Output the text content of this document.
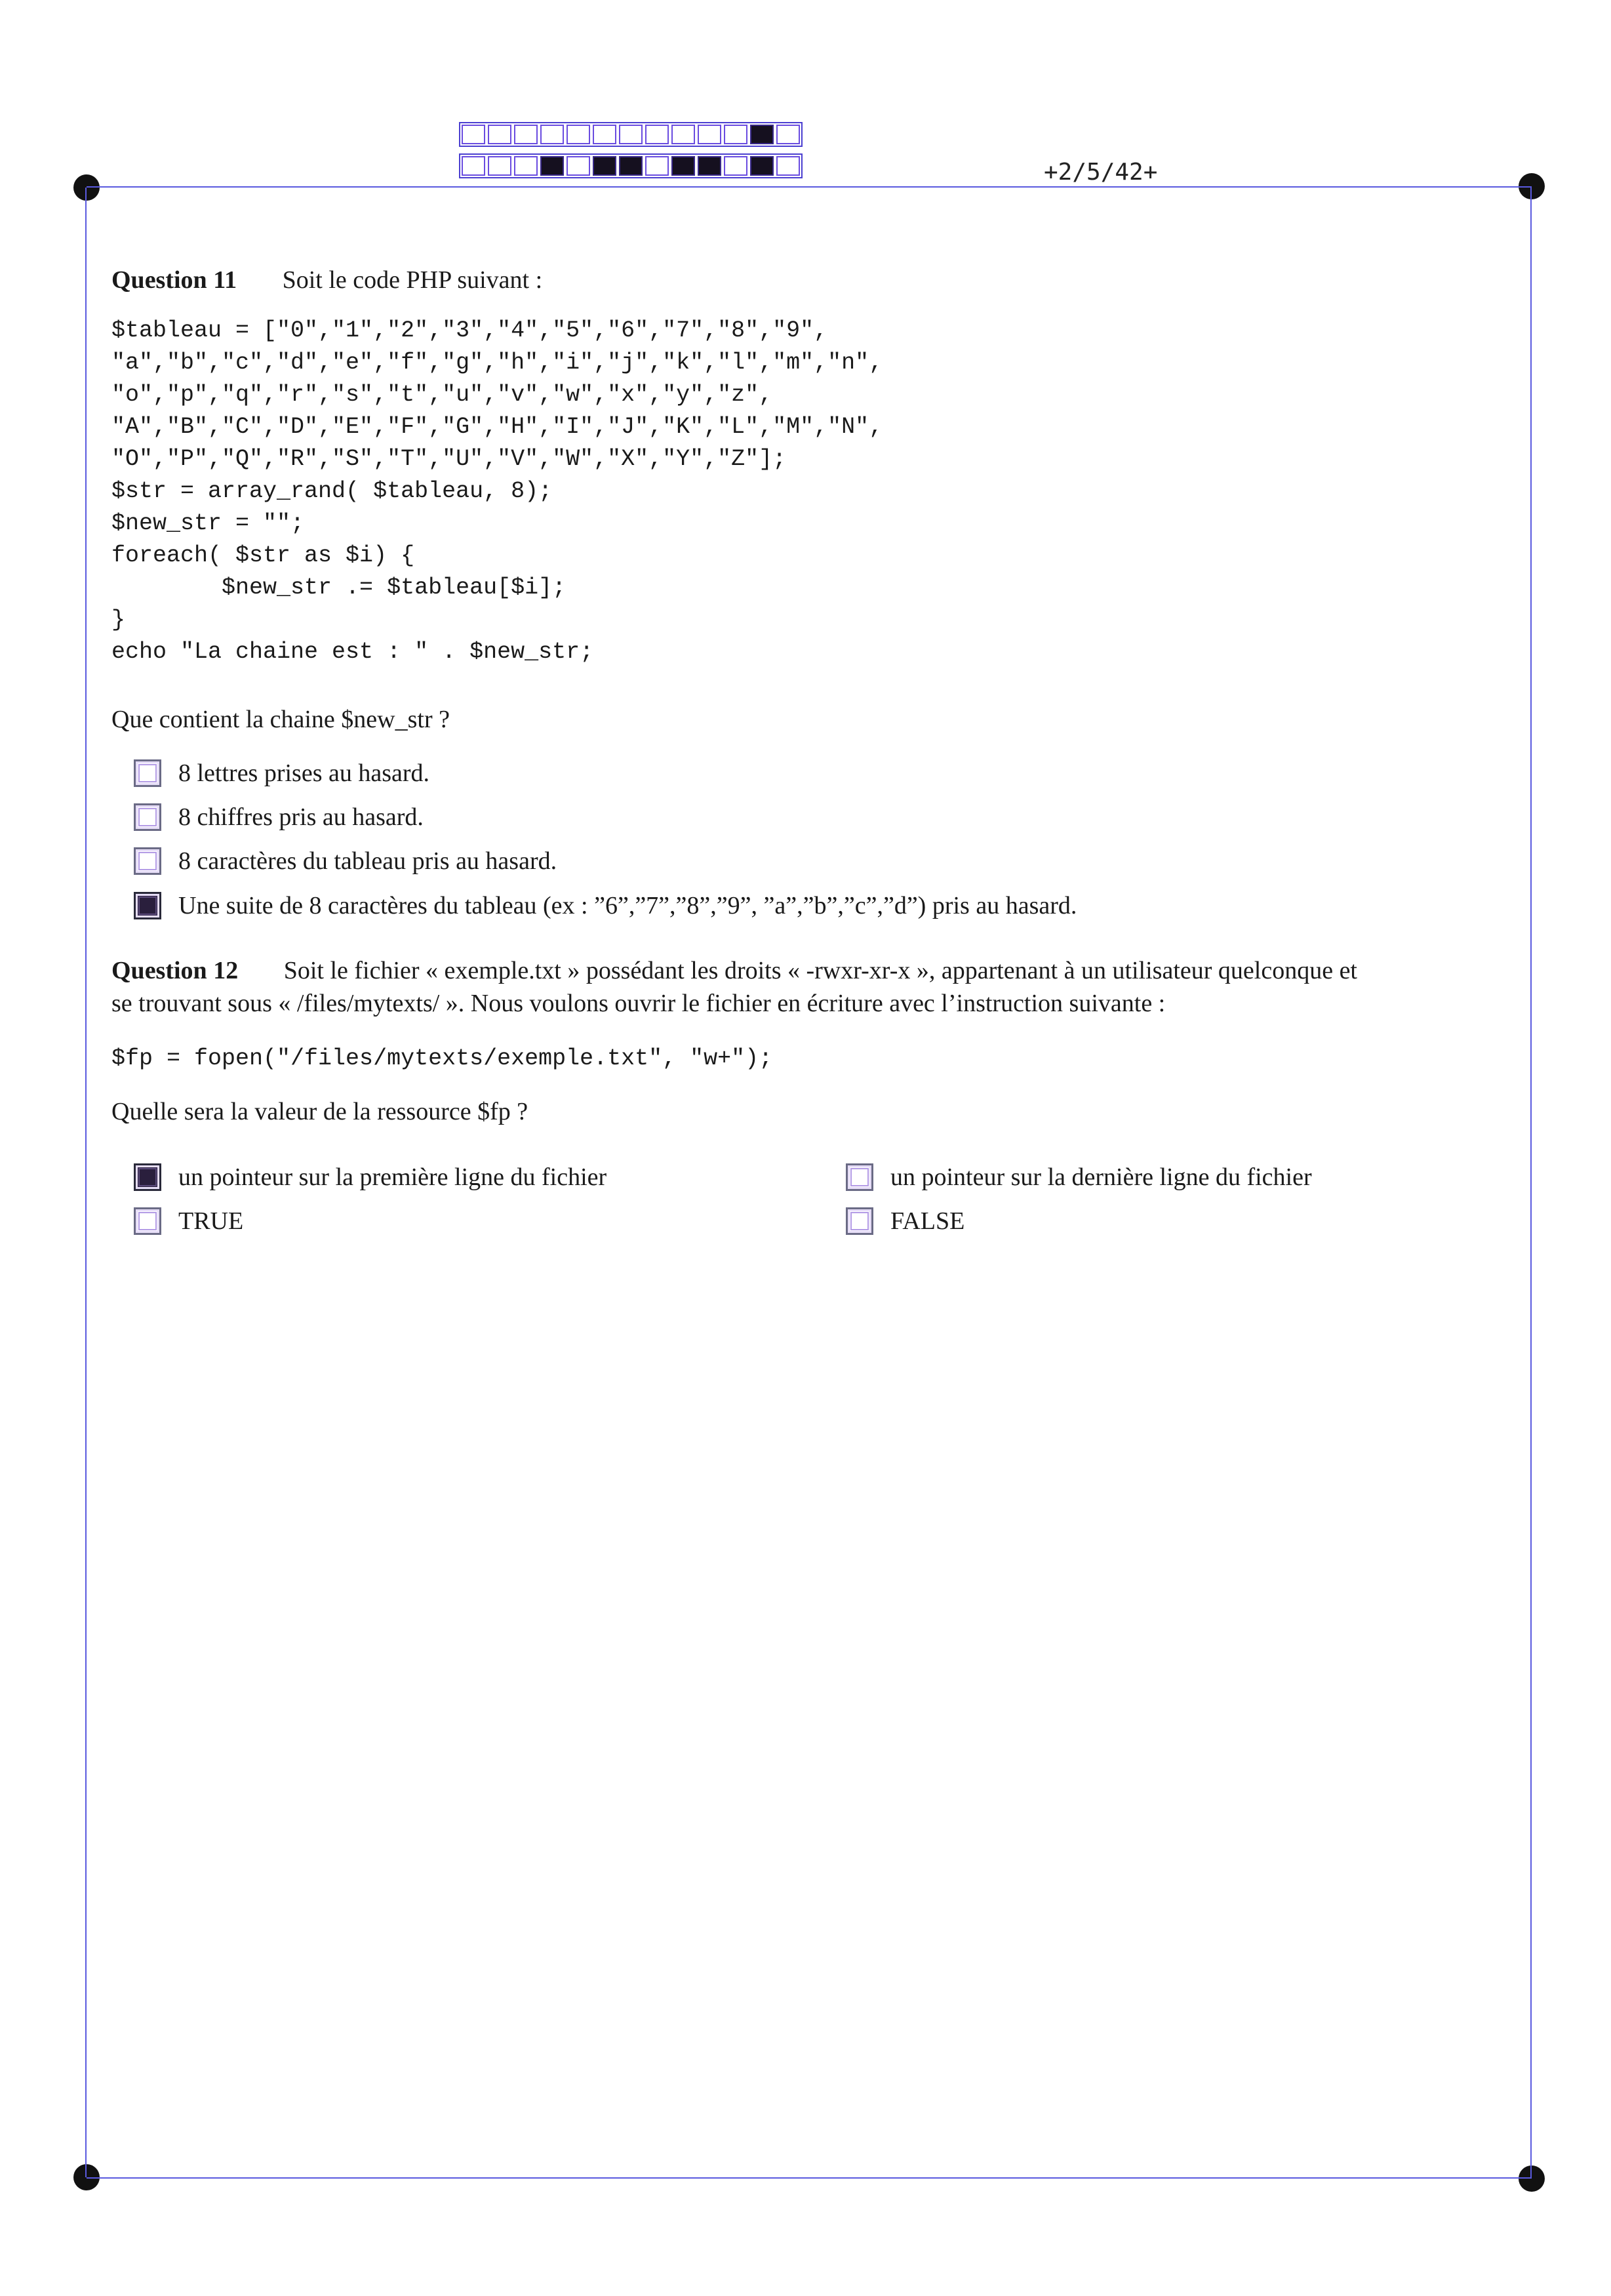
+2/5/42+
Question 11 Soit le code PHP suivant :
$tableau = ["0","1","2","3","4","5","6","7","8","9",
"a","b","c","d","e","f","g","h","i","j","k","l","m","n",
"o","p","q","r","s","t","u","v","w","x","y","z",
"A","B","C","D","E","F","G","H","I","J","K","L","M","N",
"O","P","Q","R","S","T","U","V","W","X","Y","Z"];
$str = array_rand( $tableau, 8);
$new_str = "";
foreach( $str as $i) {
$new_str .= $tableau[$i];
}
echo "La chaine est : " . $new_str;
Que contient la chaine $new_str ?
8 lettres prises au hasard.
8 chiffres pris au hasard.
8 caractères du tableau pris au hasard.
Une suite de 8 caractères du tableau (ex : ”6”,”7”,”8”,”9”, ”a”,”b”,”c”,”d”) pris au hasard.
Question 12 Soit le fichier « exemple.txt » possédant les droits « -rwxr-xr-x », appartenant à un utilisateur quelconque et
se trouvant sous « /files/mytexts/ ». Nous voulons ouvrir le fichier en écriture avec l’instruction suivante :
$fp = fopen("/files/mytexts/exemple.txt", "w+");
Quelle sera la valeur de la ressource $fp ?
un pointeur sur la première ligne du fichier	un pointeur sur la dernière ligne du fichier
TRUE	FALSE
